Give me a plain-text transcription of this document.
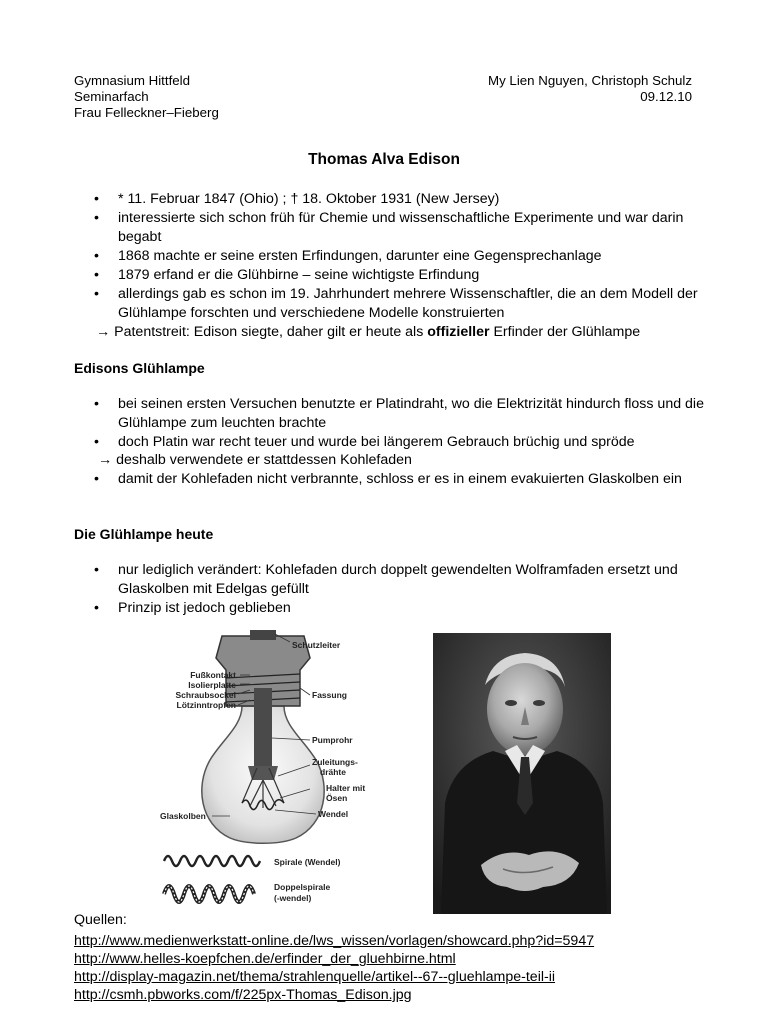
Gymnasium Hittfeld
Seminarfach
Frau Felleckner–Fieberg
My Lien Nguyen, Christoph Schulz
09.12.10
Thomas Alva Edison
• * 11. Februar 1847 (Ohio) ; † 18. Oktober 1931 (New Jersey)
• interessierte sich schon früh für Chemie und wissenschaftliche Experimente und war darin begabt
• 1868 machte er seine ersten Erfindungen, darunter eine Gegensprechanlage
• 1879 erfand er die Glühbirne – seine wichtigste Erfindung
• allerdings gab es schon im 19. Jahrhundert mehrere Wissenschaftler, die an dem Modell der Glühlampe forschten und verschiedene Modelle konstruierten
→ Patentstreit: Edison siegte, daher gilt er heute als offizieller Erfinder der Glühlampe
Edisons Glühlampe
• bei seinen ersten Versuchen benutzte er Platindraht, wo die Elektrizität hindurch floss und die Glühlampe zum leuchten brachte
• doch Platin war recht teuer und wurde bei längerem Gebrauch brüchig und spröde
→ deshalb verwendete er stattdessen Kohlefaden
• damit der Kohlefaden nicht verbrannte, schloss er es in einem evakuierten Glaskolben ein
Die Glühlampe heute
• nur lediglich verändert: Kohlefaden durch doppelt gewendelten Wolframfaden ersetzt und Glaskolben mit Edelgas gefüllt
• Prinzip ist jedoch geblieben
Schutzleiter
Fußkontakt
Isolierplatte
Schraubsockel
Lötzinntropfen
Fassung
Pumprohr
Zuleitungs-
drähte
Halter mit
Ösen
Glaskolben	Wendel
Spirale (Wendel)
Doppelspirale
(-wendel)
Quellen:
http://www.medienwerkstatt-online.de/lws_wissen/vorlagen/showcard.php?id=5947
http://www.helles-koepfchen.de/erfinder_der_gluehbirne.html
http://display-magazin.net/thema/strahlenquelle/artikel--67--gluehlampe-teil-ii
http://csmh.pbworks.com/f/225px-Thomas_Edison.jpg
